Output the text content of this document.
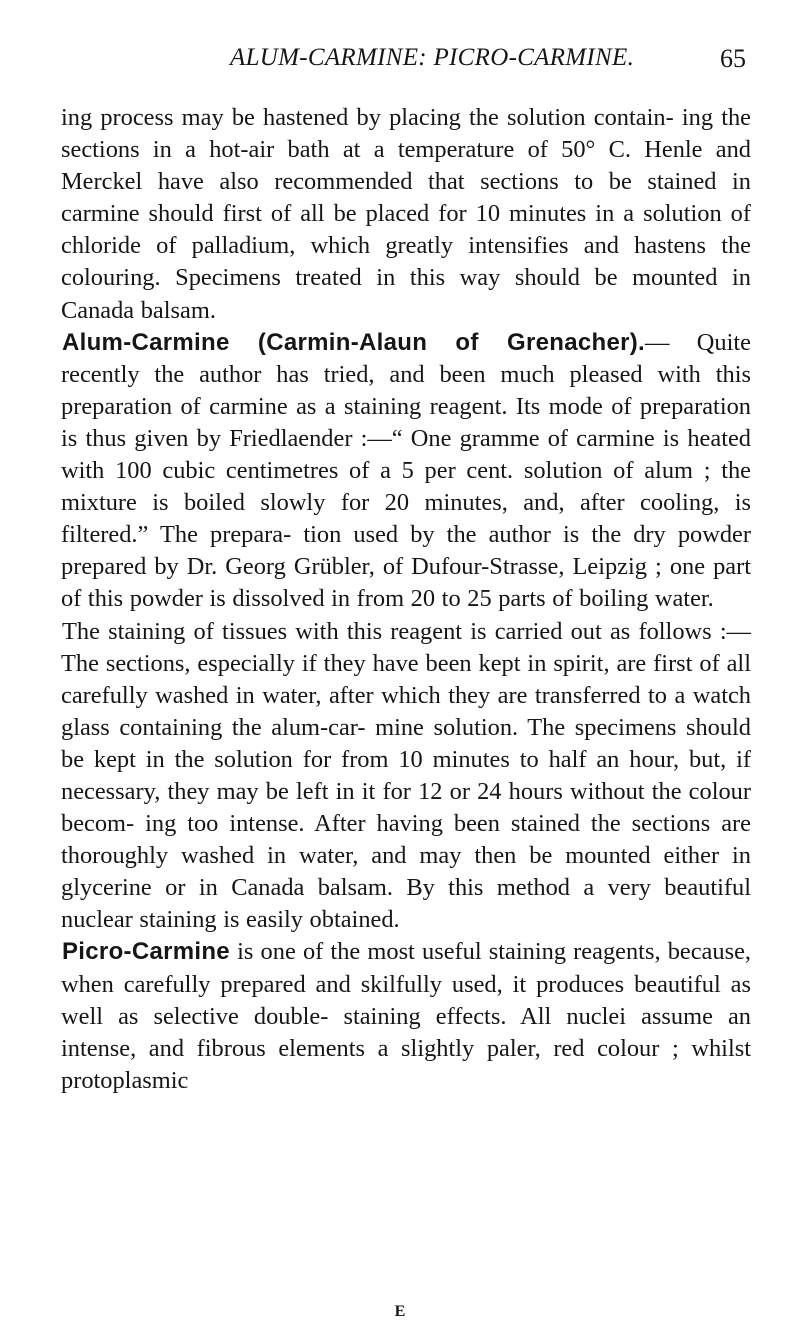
ALUM-CARMINE: PICRO-CARMINE.	65

ing process may be hastened by placing the solution contain- ing the sections in a hot-air bath at a temperature of 50° C. Henle and Merckel have also recommended that sections to be stained in carmine should first of all be placed for 10 minutes in a solution of chloride of palladium, which greatly intensifies and hastens the colouring. Specimens treated in this way should be mounted in Canada balsam.

Alum-Carmine (Carmin-Alaun of Grenacher).— Quite recently the author has tried, and been much pleased with this preparation of carmine as a staining reagent. Its mode of preparation is thus given by Friedlaender :—“ One gramme of carmine is heated with 100 cubic centimetres of a 5 per cent. solution of alum ; the mixture is boiled slowly for 20 minutes, and, after cooling, is filtered.” The prepara- tion used by the author is the dry powder prepared by Dr. Georg Grübler, of Dufour-Strasse, Leipzig ; one part of this powder is dissolved in from 20 to 25 parts of boiling water.

The staining of tissues with this reagent is carried out as follows :—The sections, especially if they have been kept in spirit, are first of all carefully washed in water, after which they are transferred to a watch glass containing the alum-car- mine solution. The specimens should be kept in the solution for from 10 minutes to half an hour, but, if necessary, they may be left in it for 12 or 24 hours without the colour becom- ing too intense. After having been stained the sections are thoroughly washed in water, and may then be mounted either in glycerine or in Canada balsam. By this method a very beautiful nuclear staining is easily obtained.

Picro-Carmine is one of the most useful staining reagents, because, when carefully prepared and skilfully used, it produces beautiful as well as selective double- staining effects. All nuclei assume an intense, and fibrous elements a slightly paler, red colour ; whilst protoplasmic

E
